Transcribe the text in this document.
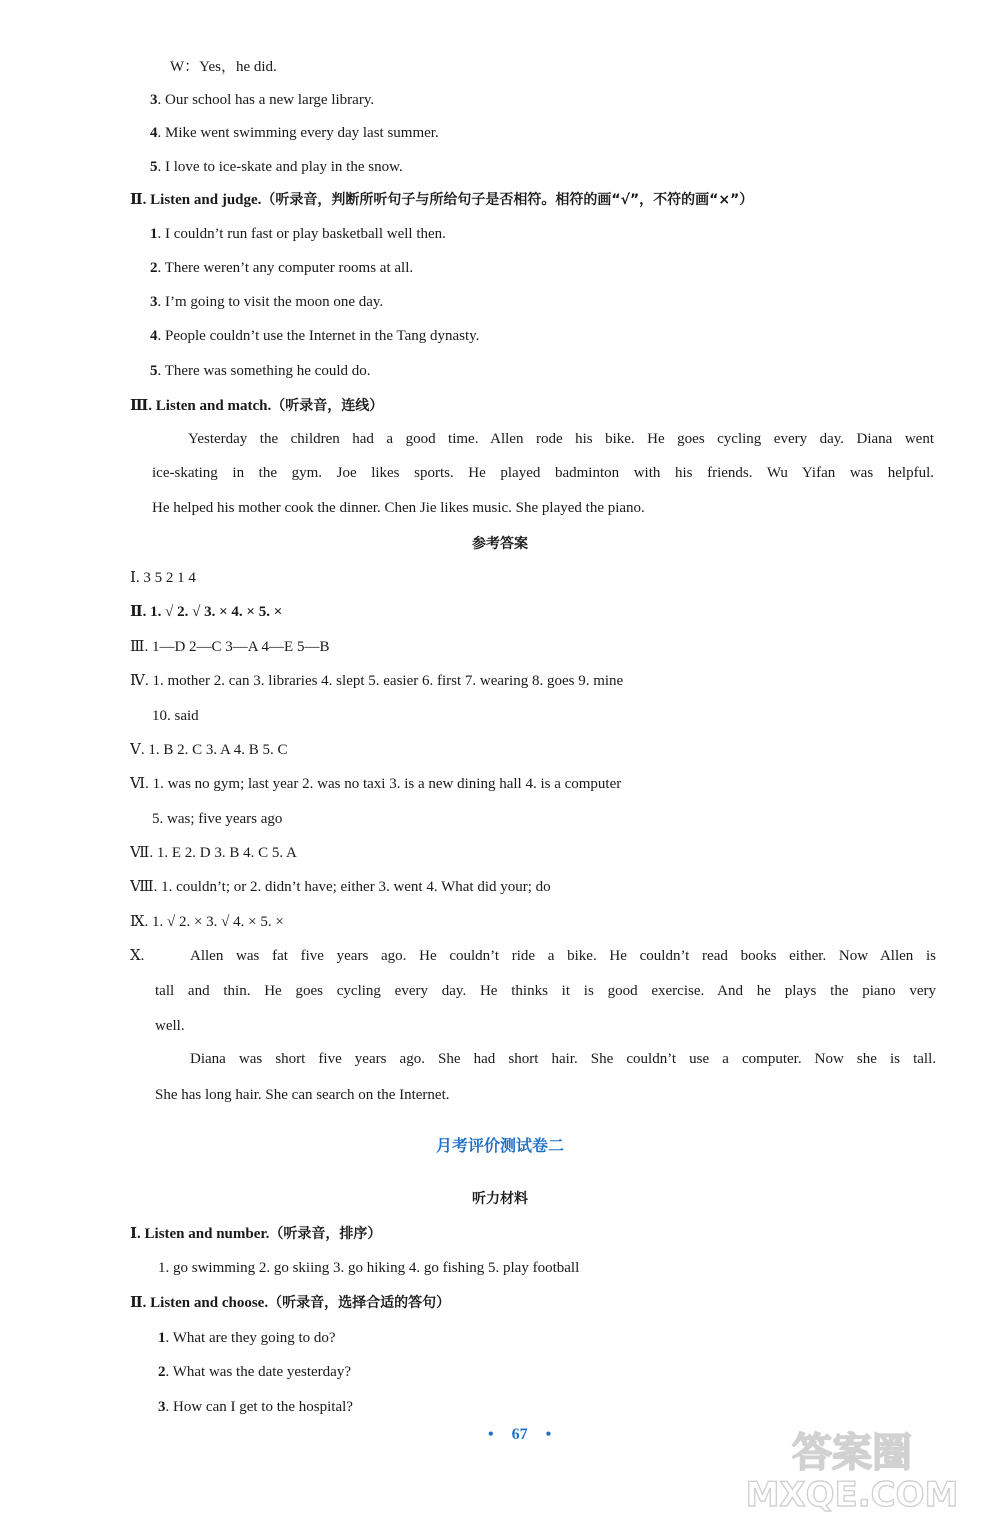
W：Yes，he did.
3. Our school has a new large library.
4. Mike went swimming every day last summer.
5. I love to ice-skate and play in the snow.
Ⅱ. Listen and judge.（听录音，判断所听句子与所给句子是否相符。相符的画“√”，不符的画“×”）
1. I couldn’t run fast or play basketball well then.
2. There weren’t any computer rooms at all.
3. I’m going to visit the moon one day.
4. People couldn’t use the Internet in the Tang dynasty.
5. There was something he could do.
Ⅲ. Listen and match.（听录音，连线）
Yesterday the children had a good time. Allen rode his bike. He goes cycling every day. Diana went
ice-skating in the gym. Joe likes sports. He played badminton with his friends. Wu Yifan was helpful.
He helped his mother cook the dinner. Chen Jie likes music. She played the piano.
参考答案
Ⅰ. 3 5 2 1 4
Ⅱ. 1. √ 2. √ 3. × 4. × 5. ×
Ⅲ. 1—D 2—C 3—A 4—E 5—B
Ⅳ. 1. mother 2. can 3. libraries 4. slept 5. easier 6. first 7. wearing 8. goes 9. mine
10. said
Ⅴ. 1. B 2. C 3. A 4. B 5. C
Ⅵ. 1. was no gym; last year 2. was no taxi 3. is a new dining hall 4. is a computer
5. was; five years ago
Ⅶ. 1. E 2. D 3. B 4. C 5. A
Ⅷ. 1. couldn’t; or 2. didn’t have; either 3. went 4. What did your; do
Ⅸ. 1. √ 2. × 3. √ 4. × 5. ×
Ⅹ.	Allen was fat five years ago. He couldn’t ride a bike. He couldn’t read books either. Now Allen is
tall and thin. He goes cycling every day. He thinks it is good exercise. And he plays the piano very
well.
Diana was short five years ago. She had short hair. She couldn’t use a computer. Now she is tall.
She has long hair. She can search on the Internet.
月考评价测试卷二
听力材料
Ⅰ. Listen and number.（听录音，排序）
1. go swimming 2. go skiing 3. go hiking 4. go fishing 5. play football
Ⅱ. Listen and choose.（听录音，选择合适的答句）
1. What are they going to do?
2. What was the date yesterday?
3. How can I get to the hospital?
• 67 •	答案圈
MXQE.COM
